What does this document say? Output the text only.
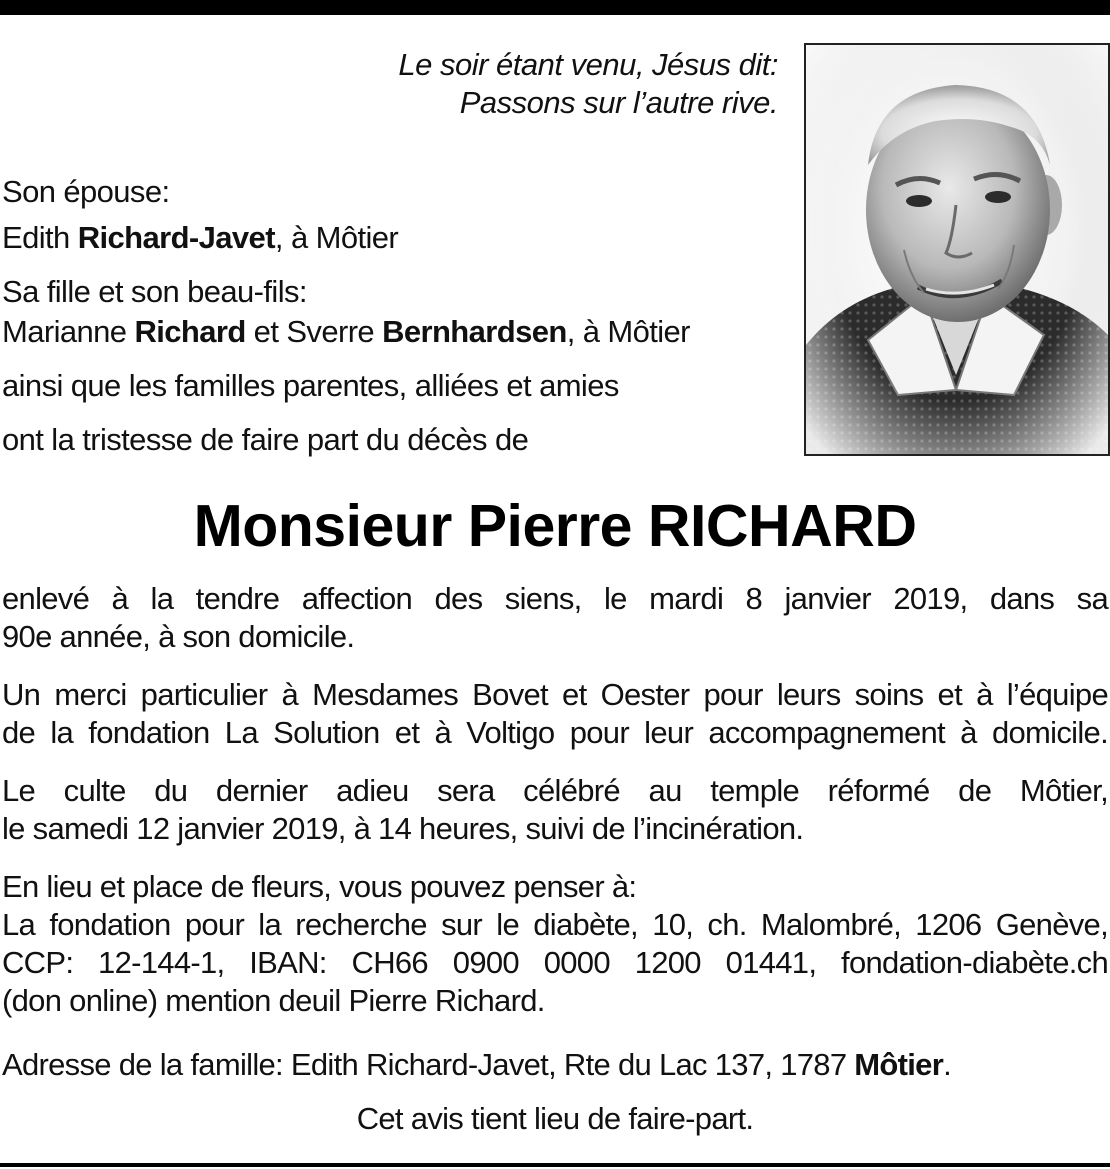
Le soir étant venu, Jésus dit:
Passons sur l’autre rive.
Son épouse:
Edith Richard-Javet, à Môtier
Sa fille et son beau-fils:
Marianne Richard et Sverre Bernhardsen, à Môtier
ainsi que les familles parentes, alliées et amies
ont la tristesse de faire part du décès de
Monsieur Pierre RICHARD
enlevé à la tendre affection des siens, le mardi 8 janvier 2019, dans sa
90e année, à son domicile.
Un merci particulier à Mesdames Bovet et Oester pour leurs soins et à l’équipe
de la fondation La Solution et à Voltigo pour leur accompagnement à domicile.
Le culte du dernier adieu sera célébré au temple réformé de Môtier,
le samedi 12 janvier 2019, à 14 heures, suivi de l’incinération.
En lieu et place de fleurs, vous pouvez penser à:
La fondation pour la recherche sur le diabète, 10, ch. Malombré, 1206 Genève,
CCP: 12-144-1, IBAN: CH66 0900 0000 1200 01441, fondation-diabète.ch
(don online) mention deuil Pierre Richard.
Adresse de la famille: Edith Richard-Javet, Rte du Lac 137, 1787 Môtier.
Cet avis tient lieu de faire-part.
